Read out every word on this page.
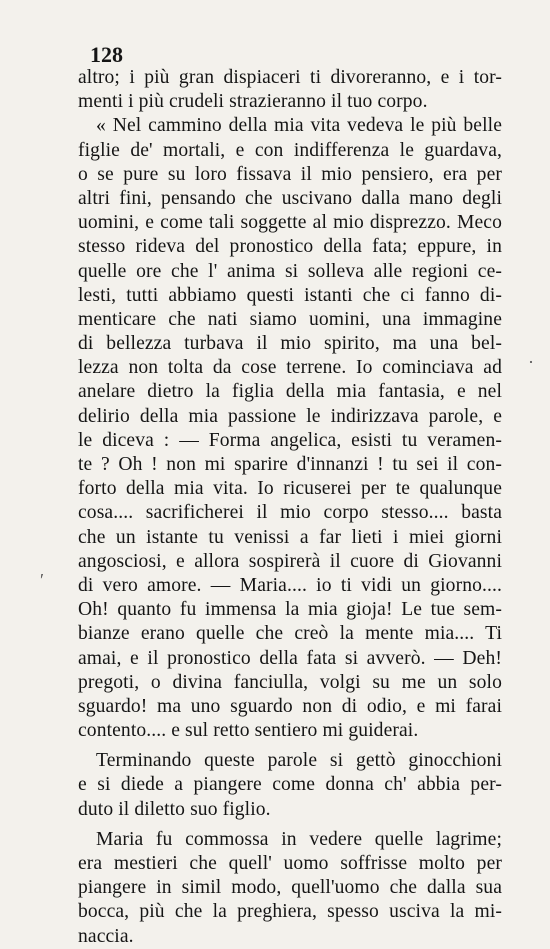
128
altro; i più gran dispiaceri ti divoreranno, e i tor-
menti i più crudeli strazieranno il tuo corpo.
« Nel cammino della mia vita vedeva le più belle
figlie de' mortali, e con indifferenza le guardava,
o se pure su loro fissava il mio pensiero, era per
altri fini, pensando che uscivano dalla mano degli
uomini, e come tali soggette al mio disprezzo. Meco
stesso rideva del pronostico della fata; eppure, in
quelle ore che l' anima si solleva alle regioni ce-
lesti, tutti abbiamo questi istanti che ci fanno di-
menticare che nati siamo uomini, una immagine
di bellezza turbava il mio spirito, ma una bel-
lezza non tolta da cose terrene. Io cominciava ad
anelare dietro la figlia della mia fantasia, e nel
delirio della mia passione le indirizzava parole, e
le diceva : — Forma angelica, esisti tu veramen-
te ? Oh ! non mi sparire d'innanzi ! tu sei il con-
forto della mia vita. Io ricuserei per te qualunque
cosa.... sacrificherei il mio corpo stesso.... basta
che un istante tu venissi a far lieti i miei giorni
angosciosi, e allora sospirerà il cuore di Giovanni
di vero amore. — Maria.... io ti vidi un giorno....
Oh! quanto fu immensa la mia gioja! Le tue sem-
bianze erano quelle che creò la mente mia.... Ti
amai, e il pronostico della fata si avverò. — Deh!
pregoti, o divina fanciulla, volgi su me un solo
sguardo! ma uno sguardo non di odio, e mi farai
contento.... e sul retto sentiero mi guiderai.
Terminando queste parole si gettò ginocchioni
e si diede a piangere come donna ch' abbia per-
duto il diletto suo figlio.
Maria fu commossa in vedere quelle lagrime;
era mestieri che quell' uomo soffrisse molto per
piangere in simil modo, quell'uomo che dalla sua
bocca, più che la preghiera, spesso usciva la mi-
naccia.
·
′
